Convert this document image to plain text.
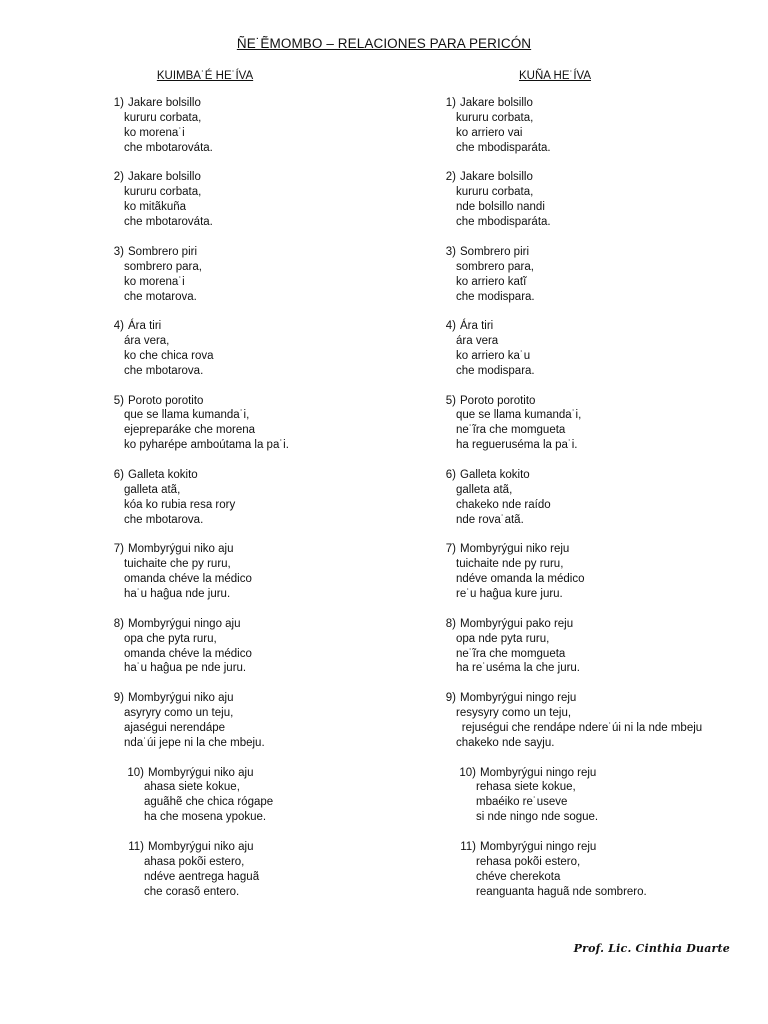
ÑE˙ẼMOMBO – RELACIONES PARA PERICÓN
KUIMBA˙É HE˙ÍVA	KUÑA HE˙ÍVA
1) Jakare bolsillo
kururu corbata,
ko morena˙i
che mbotarováta.
2) Jakare bolsillo
kururu corbata,
ko mitãkuña
che mbotarováta.
3) Sombrero piri
sombrero para,
ko morena˙i
che motarova.
4) Ára tiri
ára vera,
ko che chica rova
che mbotarova.
5) Poroto porotito
que se llama kumanda˙i,
ejepreparáke che morena
ko pyharépe amboútama la pa˙i.
6) Galleta kokito
galleta atã,
kóa ko rubia resa rory
che mbotarova.
7) Mombyrýgui niko aju
tuichaite che py ruru,
omanda chéve la médico
ha˙u haĝua nde juru.
8) Mombyrýgui ningo aju
opa che pyta ruru,
omanda chéve la médico
ha˙u haĝua pe nde juru.
9) Mombyrýgui niko aju
asyryry como un teju,
ajaségui nerendápe
nda˙úi jepe ni la che mbeju.
10) Mombyrýgui niko aju
ahasa siete kokue,
aguãhẽ che chica rógape
ha che mosena ypokue.
11) Mombyrýgui niko aju
ahasa pokõi estero,
ndéve aentrega haguã
che corasõ entero.
1) Jakare bolsillo
kururu corbata,
ko arriero vai
che mbodisparáta.
2) Jakare bolsillo
kururu corbata,
nde bolsillo nandi
che mbodisparáta.
3) Sombrero piri
sombrero para,
ko arriero katĩ
che modispara.
4) Ára tiri
ára vera
ko arriero ka˙u
che modispara.
5) Poroto porotito
que se llama kumanda˙i,
ne˙ĩra che momgueta
ha regueruséma la pa˙i.
6) Galleta kokito
galleta atã,
chakeko nde raído
nde rova˙atã.
7) Mombyrýgui niko reju
tuichaite nde py ruru,
ndéve omanda la médico
re˙u haĝua kure juru.
8) Mombyrýgui pako reju
opa nde pyta ruru,
ne˙ĩra che momgueta
ha re˙uséma la che juru.
9) Mombyrýgui ningo reju
resysyry como un teju,
rejuségui che rendápe ndere˙úi ni la nde mbeju
chakeko nde sayju.
10) Mombyrýgui ningo reju
rehasa siete kokue,
mbaéiko re˙useve
si nde ningo nde sogue.
11) Mombyrýgui ningo reju
rehasa pokõi estero,
chéve cherekota
reanguanta haguã nde sombrero.
Prof. Lic. Cinthia Duarte
